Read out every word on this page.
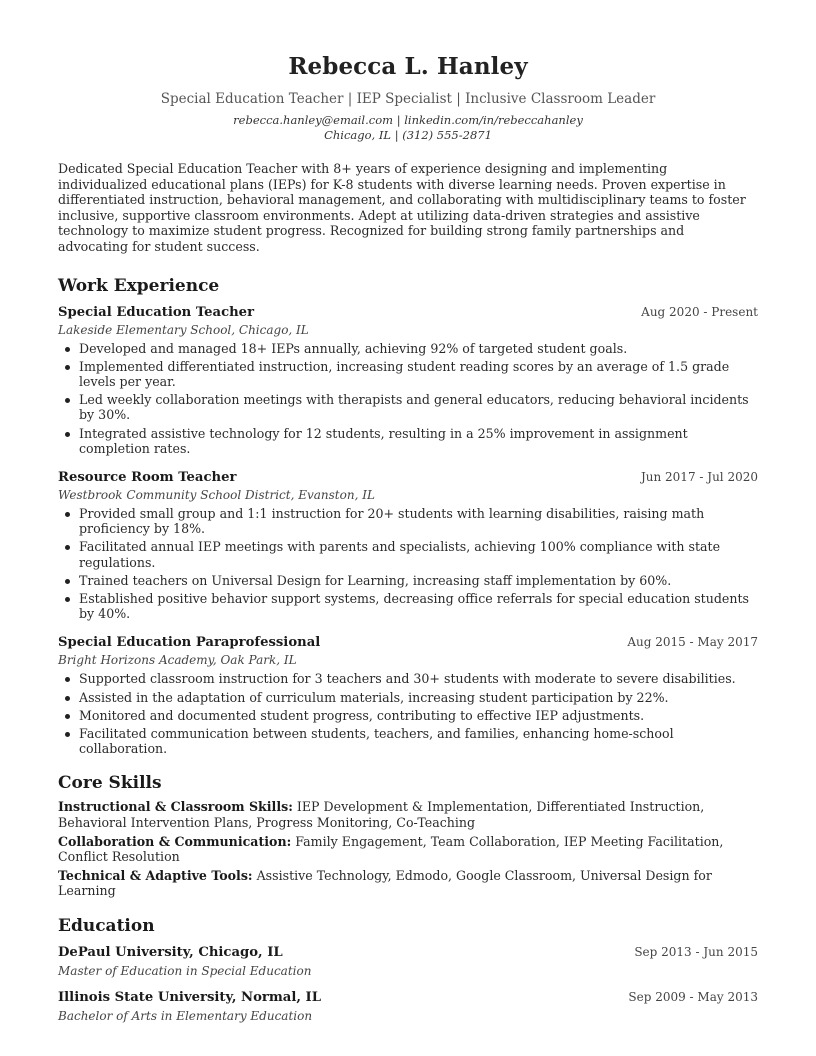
Rebecca L. Hanley
Special Education Teacher | IEP Specialist | Inclusive Classroom Leader
rebecca.hanley@email.com | linkedin.com/in/rebeccahanley
Chicago, IL | (312) 555-2871

Dedicated Special Education Teacher with 8+ years of experience designing and implementing individualized educational plans (IEPs) for K-8 students with diverse learning needs. Proven expertise in differentiated instruction, behavioral management, and collaborating with multidisciplinary teams to foster inclusive, supportive classroom environments. Adept at utilizing data-driven strategies and assistive technology to maximize student progress. Recognized for building strong family partnerships and advocating for student success.

Work Experience
Special Education Teacher	Aug 2020 - Present
Lakeside Elementary School, Chicago, IL
Developed and managed 18+ IEPs annually, achieving 92% of targeted student goals.
Implemented differentiated instruction, increasing student reading scores by an average of 1.5 grade levels per year.
Led weekly collaboration meetings with therapists and general educators, reducing behavioral incidents by 30%.
Integrated assistive technology for 12 students, resulting in a 25% improvement in assignment completion rates.
Resource Room Teacher	Jun 2017 - Jul 2020
Westbrook Community School District, Evanston, IL
Provided small group and 1:1 instruction for 20+ students with learning disabilities, raising math proficiency by 18%.
Facilitated annual IEP meetings with parents and specialists, achieving 100% compliance with state regulations.
Trained teachers on Universal Design for Learning, increasing staff implementation by 60%.
Established positive behavior support systems, decreasing office referrals for special education students by 40%.
Special Education Paraprofessional	Aug 2015 - May 2017
Bright Horizons Academy, Oak Park, IL
Supported classroom instruction for 3 teachers and 30+ students with moderate to severe disabilities.
Assisted in the adaptation of curriculum materials, increasing student participation by 22%.
Monitored and documented student progress, contributing to effective IEP adjustments.
Facilitated communication between students, teachers, and families, enhancing home-school collaboration.
Core Skills
Instructional & Classroom Skills: IEP Development & Implementation, Differentiated Instruction, Behavioral Intervention Plans, Progress Monitoring, Co-Teaching
Collaboration & Communication: Family Engagement, Team Collaboration, IEP Meeting Facilitation, Conflict Resolution
Technical & Adaptive Tools: Assistive Technology, Edmodo, Google Classroom, Universal Design for Learning
Education
DePaul University, Chicago, IL	Sep 2013 - Jun 2015
Master of Education in Special Education
Illinois State University, Normal, IL	Sep 2009 - May 2013
Bachelor of Arts in Elementary Education
